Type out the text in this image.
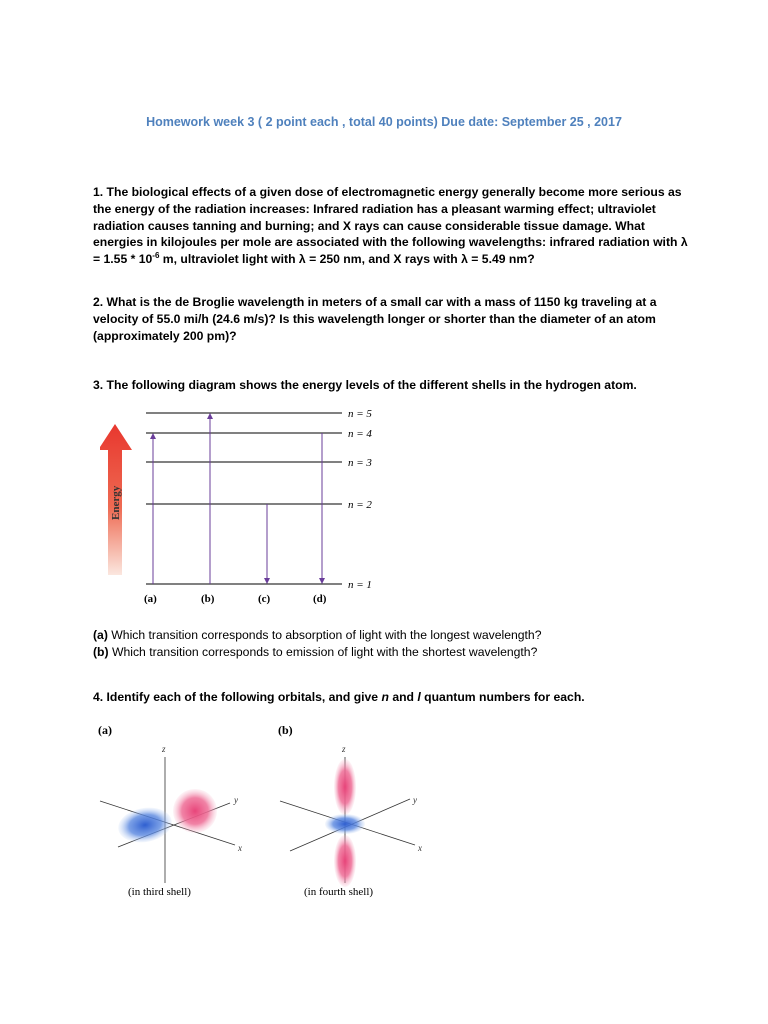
Homework week 3 ( 2 point each , total 40 points) Due date: September 25 , 2017
1. The biological effects of a given dose of electromagnetic energy generally become more serious as the energy of the radiation increases: Infrared radiation has a pleasant warming effect; ultraviolet radiation causes tanning and burning; and X rays can cause considerable tissue damage. What energies in kilojoules per mole are associated with the following wavelengths: infrared radiation with $\lambda = 1.55 * 10^{-6}$ m, ultraviolet light with λ = 250 nm, and X rays with λ = 5.49 nm?
2. What is the de Broglie wavelength in meters of a small car with a mass of 1150 kg traveling at a velocity of 55.0 mi/h (24.6 m/s)? Is this wavelength longer or shorter than the diameter of an atom (approximately 200 pm)?
3. The following diagram shows the energy levels of the different shells in the hydrogen atom.
Energy
n = 5
n = 4
n = 3
n = 2
n = 1
(a)	(b)	(c)	(d)
(a) Which transition corresponds to absorption of light with the longest wavelength?
(b) Which transition corresponds to emission of light with the shortest wavelength?
4. Identify each of the following orbitals, and give n and l quantum numbers for each.
(a)
z
y
x
(in third shell)
(b)
z
y
x
(in fourth shell)
